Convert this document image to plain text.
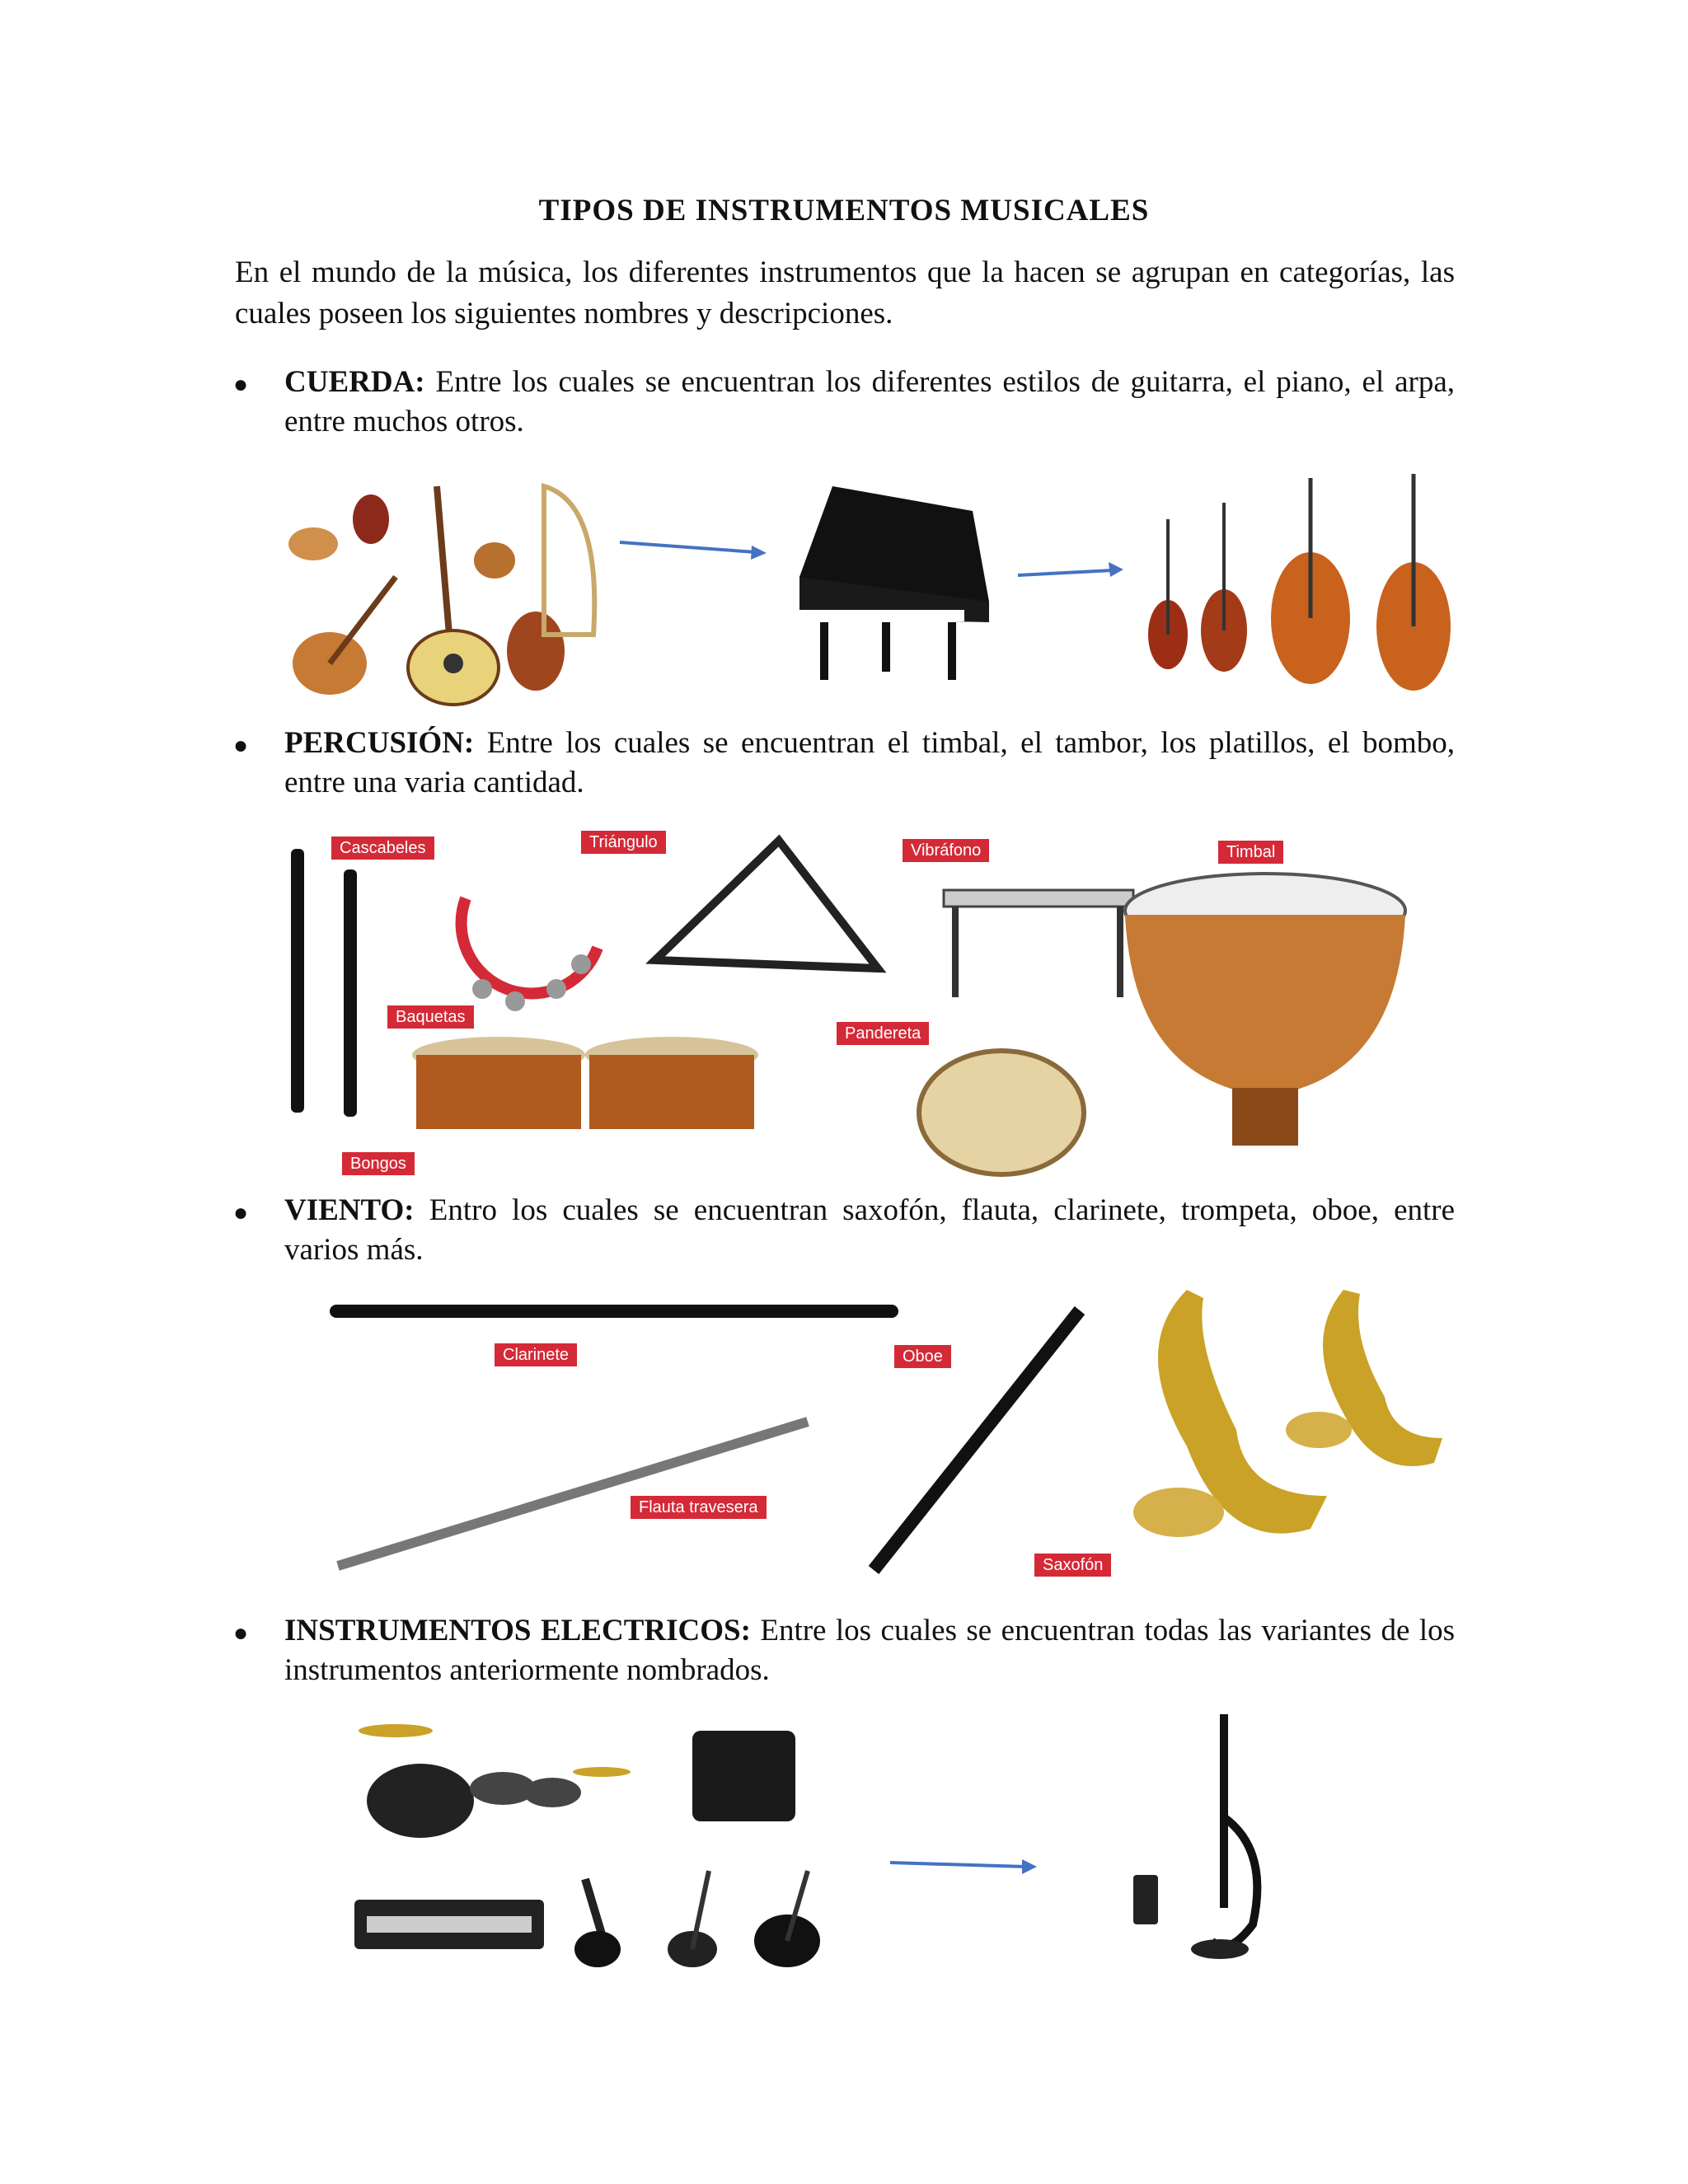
TIPOS DE INSTRUMENTOS MUSICALES
En el mundo de la música, los diferentes instrumentos que la hacen se agrupan en categorías, las cuales poseen los siguientes nombres y descripciones.
● CUERDA: Entre los cuales se encuentran los diferentes estilos de guitarra, el piano, el arpa, entre muchos otros.
● PERCUSIÓN: Entre los cuales se encuentran el timbal, el tambor, los platillos, el bombo, entre una varia cantidad.
Cascabeles	Triángulo	Vibráfono	Timbal
Baquetas
Pandereta
Bongos
● VIENTO: Entro los cuales se encuentran saxofón, flauta, clarinete, trompeta, oboe, entre varios más.
Clarinete	Oboe
Flauta travesera
Saxofón
● INSTRUMENTOS ELECTRICOS: Entre los cuales se encuentran todas las variantes de los instrumentos anteriormente nombrados.
